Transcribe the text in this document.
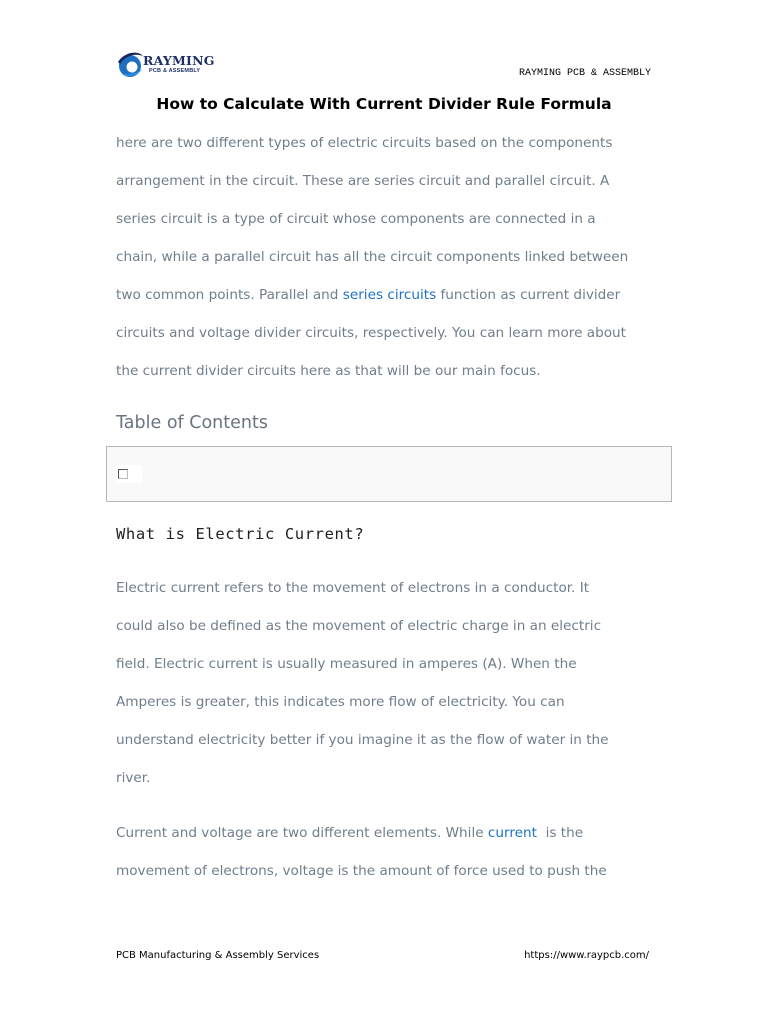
RAYMING
PCB & ASSEMBLY	RAYMING PCB & ASSEMBLY
How to Calculate With Current Divider Rule Formula

here are two different types of electric circuits based on the components
arrangement in the circuit. These are series circuit and parallel circuit. A
series circuit is a type of circuit whose components are connected in a
chain, while a parallel circuit has all the circuit components linked between
two common points. Parallel and series circuits function as current divider
circuits and voltage divider circuits, respectively. You can learn more about
the current divider circuits here as that will be our main focus.

Table of Contents
What is Electric Current?

Electric current refers to the movement of electrons in a conductor. It
could also be defined as the movement of electric charge in an electric
field. Electric current is usually measured in amperes (A). When the
Amperes is greater, this indicates more flow of electricity. You can
understand electricity better if you imagine it as the flow of water in the
river.

Current and voltage are two different elements. While current  is the
movement of electrons, voltage is the amount of force used to push the

PCB Manufacturing & Assembly Services	https://www.raypcb.com/
